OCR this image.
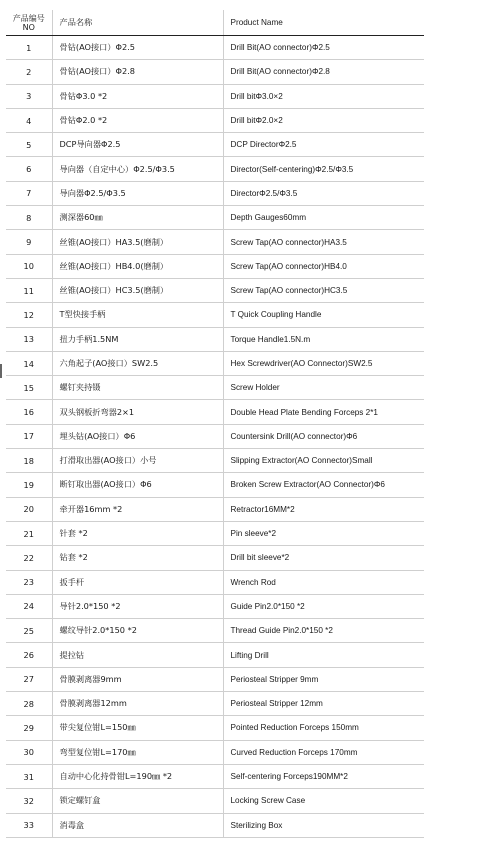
产品编号
NO	产品名称	Product Name
1	骨钻(AO接口）Φ2.5	Drill Bit(AO connector)Φ2.5
2	骨钻(AO接口）Φ2.8	Drill Bit(AO connector)Φ2.8
3	骨钻Φ3.0 *2	Drill bitΦ3.0×2
4	骨钻Φ2.0 *2	Drill bitΦ2.0×2
5	DCP导向器Φ2.5	DCP DirectorΦ2.5
6	导向器（自定中心）Φ2.5/Φ3.5	Director(Self-centering)Φ2.5/Φ3.5
7	导向器Φ2.5/Φ3.5	DirectorΦ2.5/Φ3.5
8	测深器60㎜	Depth Gauges60mm
9	丝锥(AO接口）HA3.5(磨制）	Screw Tap(AO connector)HA3.5
10	丝锥(AO接口）HB4.0(磨制）	Screw Tap(AO connector)HB4.0
11	丝锥(AO接口）HC3.5(磨制）	Screw Tap(AO connector)HC3.5
12	T型快接手柄	T Quick Coupling Handle
13	扭力手柄1.5NM	Torque Handle1.5N.m
14	六角起子(AO接口）SW2.5	Hex Screwdriver(AO Connector)SW2.5
15	螺钉夹持镊	Screw Holder
16	双头钢板折弯器2×1	Double Head Plate Bending Forceps 2*1
17	埋头钻(AO接口）Φ6	Countersink Drill(AO connector)Φ6
18	打滑取出器(AO接口）小号	Slipping Extractor(AO Connector)Small
19	断钉取出器(AO接口）Φ6	Broken Screw Extractor(AO Connector)Φ6
20	牵开器16mm *2	Retractor16MM*2
21	针套 *2	Pin sleeve*2
22	钻套 *2	Drill bit sleeve*2
23	扳手杆	Wrench Rod
24	导针2.0*150 *2	Guide Pin2.0*150 *2
25	螺纹导针2.0*150 *2	Thread Guide Pin2.0*150 *2
26	提拉钻	Lifting Drill
27	骨膜剥离器9mm	Periosteal Stripper 9mm
28	骨膜剥离器12mm	Periosteal Stripper 12mm
29	带尖复位钳L=150㎜	Pointed Reduction Forceps 150mm
30	弯型复位钳L=170㎜	Curved Reduction Forceps 170mm
31	自动中心化持骨钳L=190㎜ *2	Self-centering Forceps190MM*2
32	锁定螺钉盒	Locking Screw Case
33	消毒盒	Sterilizing Box
